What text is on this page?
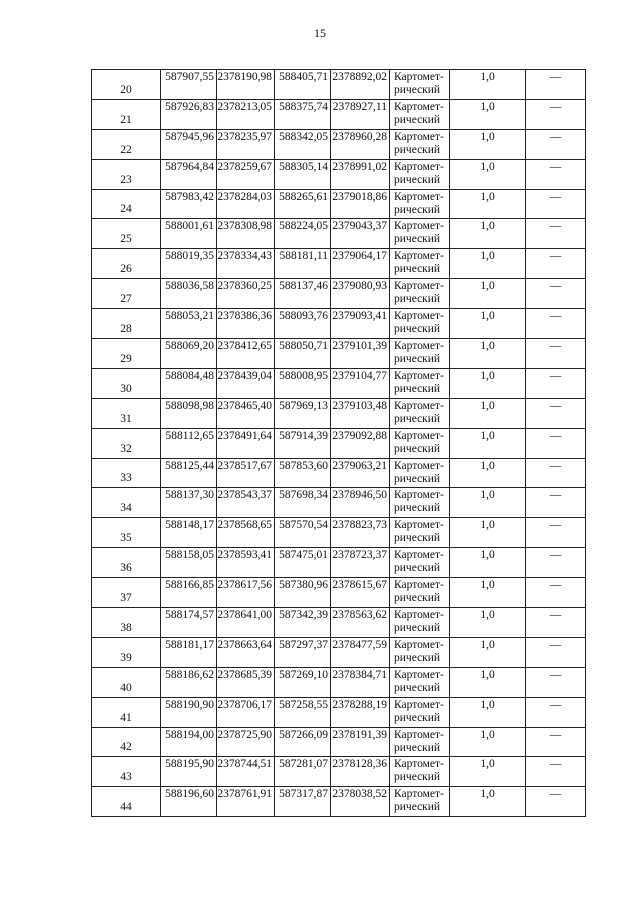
15
20	587907,55	2378190,98	588405,71	2378892,02	Картомет-
рический	1,0	—
21	587926,83	2378213,05	588375,74	2378927,11	Картомет-
рический	1,0	—
22	587945,96	2378235,97	588342,05	2378960,28	Картомет-
рический	1,0	—
23	587964,84	2378259,67	588305,14	2378991,02	Картомет-
рический	1,0	—
24	587983,42	2378284,03	588265,61	2379018,86	Картомет-
рический	1,0	—
25	588001,61	2378308,98	588224,05	2379043,37	Картомет-
рический	1,0	—
26	588019,35	2378334,43	588181,11	2379064,17	Картомет-
рический	1,0	—
27	588036,58	2378360,25	588137,46	2379080,93	Картомет-
рический	1,0	—
28	588053,21	2378386,36	588093,76	2379093,41	Картомет-
рический	1,0	—
29	588069,20	2378412,65	588050,71	2379101,39	Картомет-
рический	1,0	—
30	588084,48	2378439,04	588008,95	2379104,77	Картомет-
рический	1,0	—
31	588098,98	2378465,40	587969,13	2379103,48	Картомет-
рический	1,0	—
32	588112,65	2378491,64	587914,39	2379092,88	Картомет-
рический	1,0	—
33	588125,44	2378517,67	587853,60	2379063,21	Картомет-
рический	1,0	—
34	588137,30	2378543,37	587698,34	2378946,50	Картомет-
рический	1,0	—
35	588148,17	2378568,65	587570,54	2378823,73	Картомет-
рический	1,0	—
36	588158,05	2378593,41	587475,01	2378723,37	Картомет-
рический	1,0	—
37	588166,85	2378617,56	587380,96	2378615,67	Картомет-
рический	1,0	—
38	588174,57	2378641,00	587342,39	2378563,62	Картомет-
рический	1,0	—
39	588181,17	2378663,64	587297,37	2378477,59	Картомет-
рический	1,0	—
40	588186,62	2378685,39	587269,10	2378384,71	Картомет-
рический	1,0	—
41	588190,90	2378706,17	587258,55	2378288,19	Картомет-
рический	1,0	—
42	588194,00	2378725,90	587266,09	2378191,39	Картомет-
рический	1,0	—
43	588195,90	2378744,51	587281,07	2378128,36	Картомет-
рический	1,0	—
44	588196,60	2378761,91	587317,87	2378038,52	Картомет-
рический	1,0	—
